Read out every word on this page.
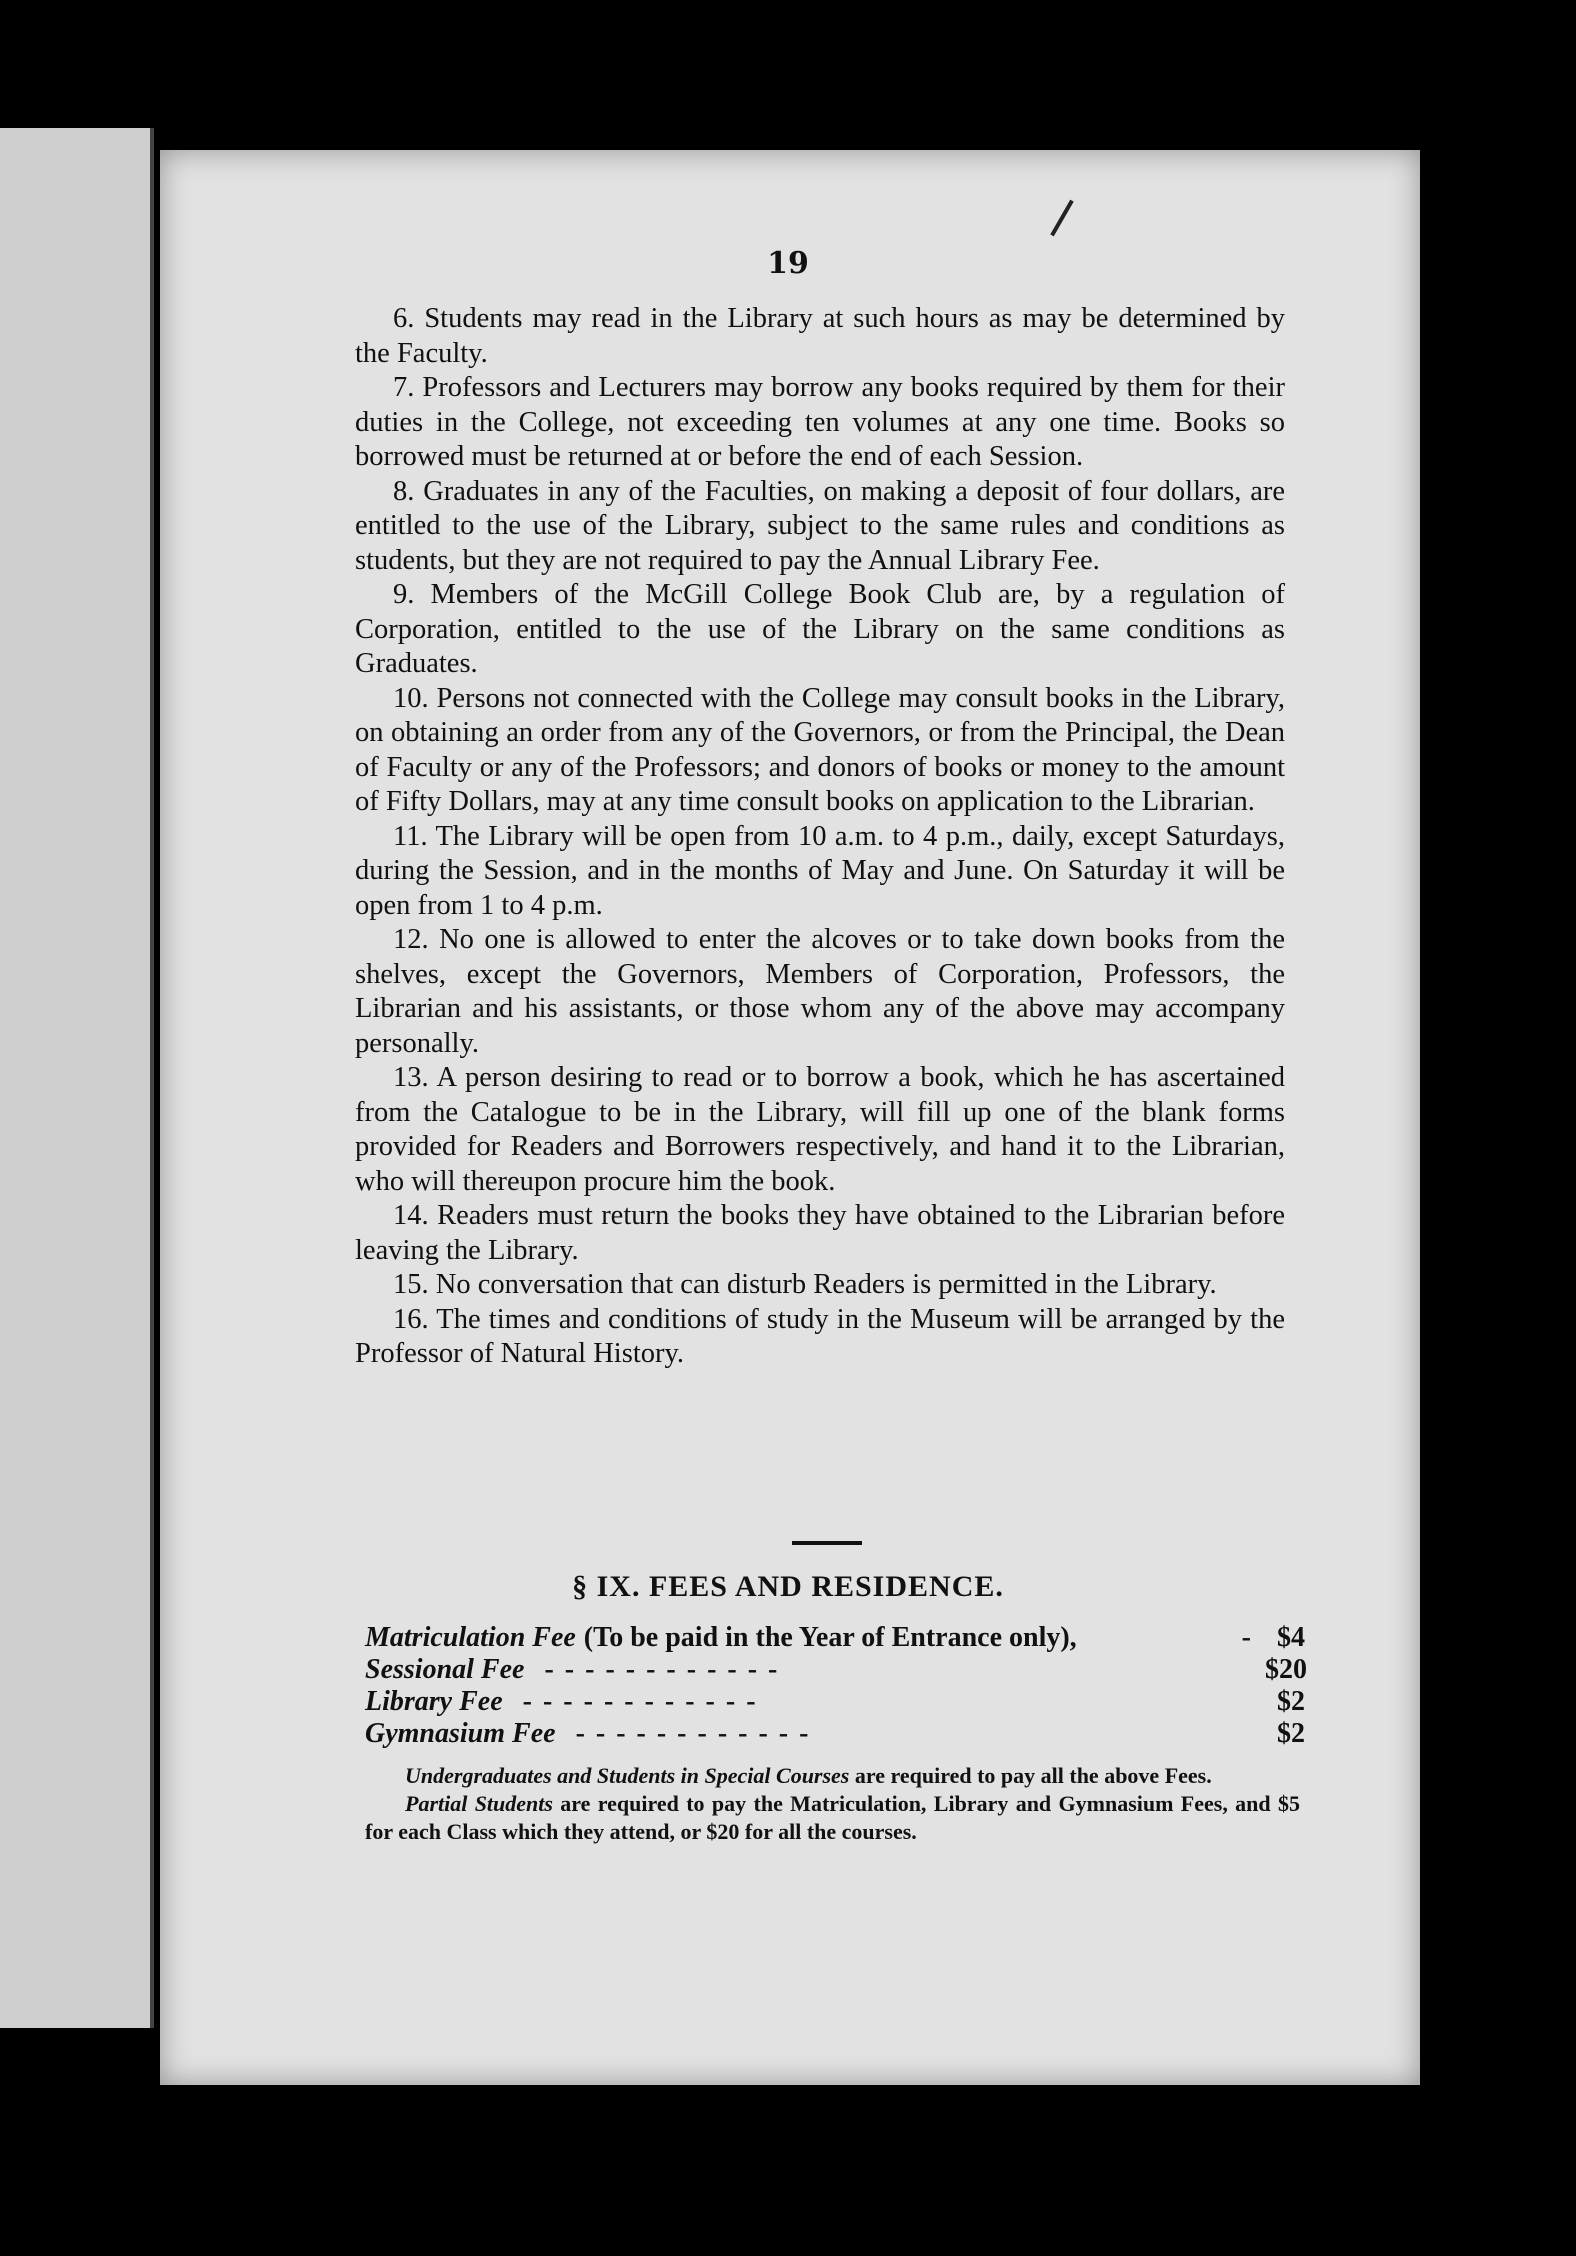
19

6. Students may read in the Library at such hours as may be determined by the Faculty.

7. Professors and Lecturers may borrow any books required by them for their duties in the College, not exceeding ten volumes at any one time. Books so borrowed must be returned at or before the end of each Session.

8. Graduates in any of the Faculties, on making a deposit of four dollars, are entitled to the use of the Library, subject to the same rules and conditions as students, but they are not required to pay the Annual Library Fee.

9. Members of the McGill College Book Club are, by a regulation of Corporation, entitled to the use of the Library on the same conditions as Graduates.

10. Persons not connected with the College may consult books in the Library, on obtaining an order from any of the Governors, or from the Principal, the Dean of Faculty or any of the Professors; and donors of books or money to the amount of Fifty Dollars, may at any time consult books on application to the Librarian.

11. The Library will be open from 10 a.m. to 4 p.m., daily, except Saturdays, during the Session, and in the months of May and June. On Saturday it will be open from 1 to 4 p.m.

12. No one is allowed to enter the alcoves or to take down books from the shelves, except the Governors, Members of Corporation, Professors, the Librarian and his assistants, or those whom any of the above may accompany personally.

13. A person desiring to read or to borrow a book, which he has ascertained from the Catalogue to be in the Library, will fill up one of the blank forms provided for Readers and Borrowers respectively, and hand it to the Librarian, who will thereupon procure him the book.

14. Readers must return the books they have obtained to the Librarian before leaving the Library.

15. No conversation that can disturb Readers is permitted in the Library.

16. The times and conditions of study in the Museum will be arranged by the Professor of Natural History.

§ IX. FEES AND RESIDENCE.
Matriculation Fee (To be paid in the Year of Entrance only),	- $4
Sessional Fee - - - - - - - - - - - -	$20
Library Fee - - - - - - - - - - - -	$2
Gymnasium Fee - - - - - - - - - - - -	$2

Undergraduates and Students in Special Courses are required to pay all the above Fees.

Partial Students are required to pay the Matriculation, Library and Gymnasium Fees, and $5 for each Class which they attend, or $20 for all the courses.
